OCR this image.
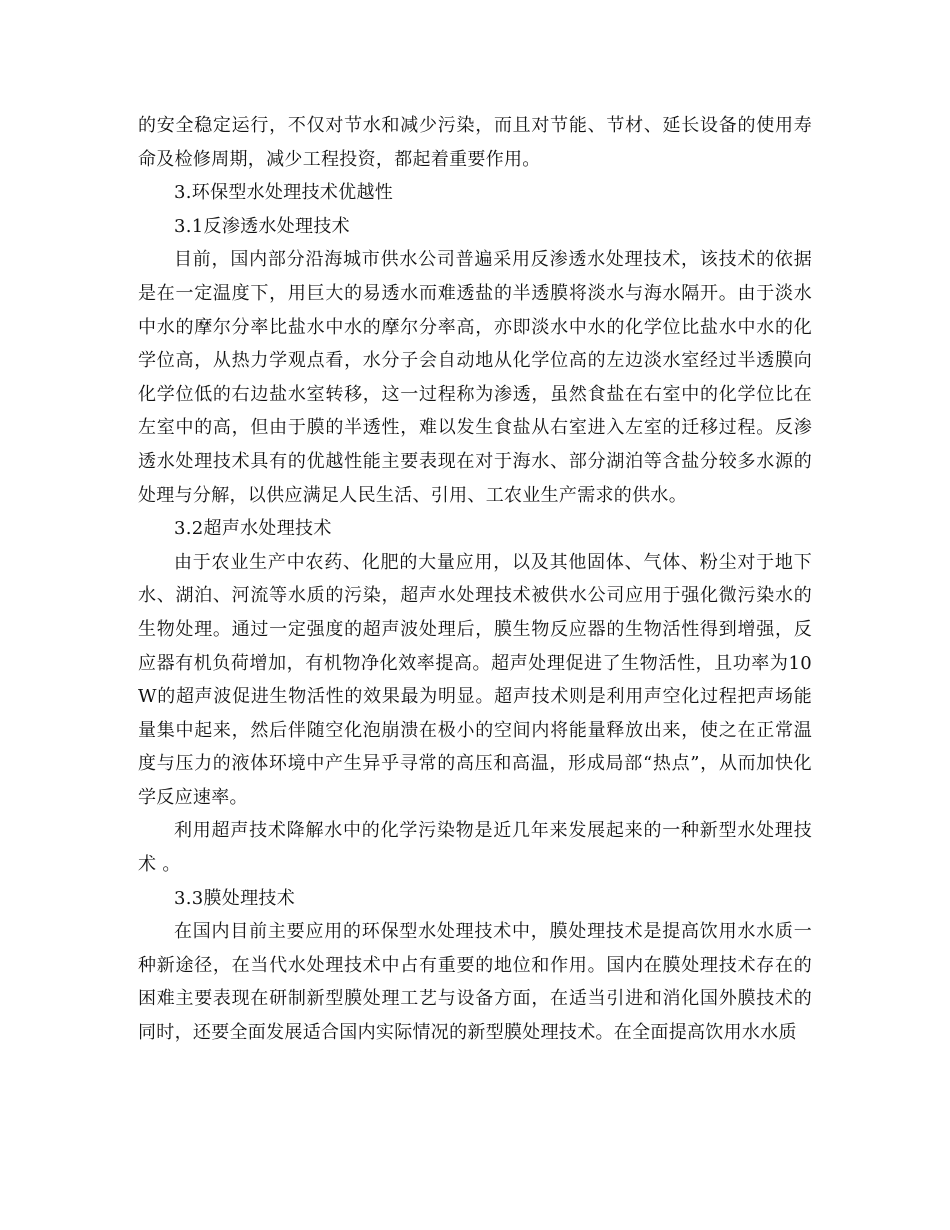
的安全稳定运行，不仅对节水和减少污染，而且对节能、节材、延长设备的使用寿命及检修周期，减少工程投资，都起着重要作用。

3.环保型水处理技术优越性

3.1反渗透水处理技术

目前，国内部分沿海城市供水公司普遍采用反渗透水处理技术，该技术的依据是在一定温度下，用巨大的易透水而难透盐的半透膜将淡水与海水隔开。由于淡水中水的摩尔分率比盐水中水的摩尔分率高，亦即淡水中水的化学位比盐水中水的化学位高，从热力学观点看，水分子会自动地从化学位高的左边淡水室经过半透膜向化学位低的右边盐水室转移，这一过程称为渗透，虽然食盐在右室中的化学位比在左室中的高，但由于膜的半透性，难以发生食盐从右室进入左室的迁移过程。反渗透水处理技术具有的优越性能主要表现在对于海水、部分湖泊等含盐分较多水源的处理与分解，以供应满足人民生活、引用、工农业生产需求的供水。

3.2超声水处理技术

由于农业生产中农药、化肥的大量应用，以及其他固体、气体、粉尘对于地下水、湖泊、河流等水质的污染，超声水处理技术被供水公司应用于强化微污染水的生物处理。通过一定强度的超声波处理后，膜生物反应器的生物活性得到增强，反应器有机负荷增加，有机物净化效率提高。超声处理促进了生物活性，且功率为10W的超声波促进生物活性的效果最为明显。超声技术则是利用声空化过程把声场能量集中起来，然后伴随空化泡崩溃在极小的空间内将能量释放出来，使之在正常温度与压力的液体环境中产生异乎寻常的高压和高温，形成局部“热点”，从而加快化学反应速率。

利用超声技术降解水中的化学污染物是近几年来发展起来的一种新型水处理技术 。

3.3膜处理技术

在国内目前主要应用的环保型水处理技术中，膜处理技术是提高饮用水水质一种新途径，在当代水处理技术中占有重要的地位和作用。国内在膜处理技术存在的困难主要表现在研制新型膜处理工艺与设备方面，在适当引进和消化国外膜技术的同时，还要全面发展适合国内实际情况的新型膜处理技术。在全面提高饮用水水质
